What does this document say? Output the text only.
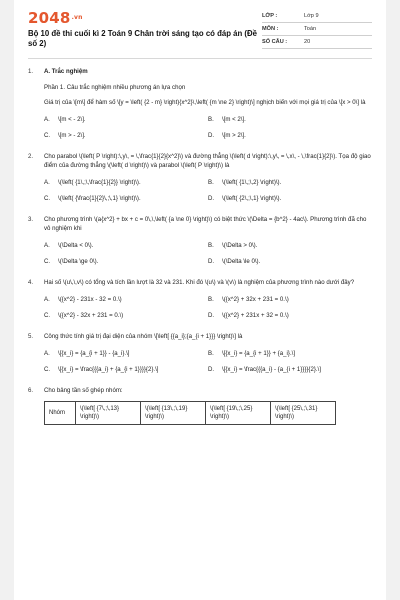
$2048^{.vn}$
Bộ 10 đề thi cuối kì 2 Toán 9 Chân trời sáng tạo có đáp án (Đề số 2)
LỚP :	Lớp 9
MÔN :	Toán
SỐ CÂU :	20
1.	A. Trắc nghiệm
Phần 1. Câu trắc nghiệm nhiều phương án lựa chọn
Giá trị của \[m\] để hàm số \[y = \left( {2 - m} \right){x^2}\,\left( {m \ne 2} \right)\] nghịch biến với mọi giá trị của \[x > 0\] là
A.	\[m < - 2\].	B.	\[m < 2\].
C.	\[m > - 2\].	D.	\[m > 2\].
2.	Cho parabol \(\left( P \right):\,y\, = \,\frac{1}{2}{x^2}\) và đường thẳng \(\left( d \right):\,y\, = \,x\, - \,\frac{1}{2}\). Tọa độ giao điểm của đường thẳng \(\left( d \right)\) và parabol \(\left( P \right)\) là
A.	\(\left( {1\,;\,\frac{1}{2}} \right)\).	B.	\(\left( {1\,;\,2} \right)\).
C.	\(\left( {\frac{1}{2}\,;\,1} \right)\).	D.	\(\left( {2\,;\,1} \right)\).
3.	Cho phương trình \(a{x^2} + bx + c = 0\,\,\left( {a \ne 0} \right)\) có biệt thức \(\Delta = {b^2} - 4ac\). Phương trình đã cho vô nghiệm khi
A.	\(\Delta < 0\).	B.	\(\Delta > 0\).
C.	\(\Delta \ge 0\).	D.	\(\Delta \le 0\).
4.	Hai số \(u\,\,v\) có tổng và tích lần lượt là 32 và 231. Khi đó \(u\) và \(v\) là nghiệm của phương trình nào dưới đây?
A.	\({x^2} - 231x - 32 = 0.\)	B.	\({x^2} + 32x + 231 = 0.\)
C.	\({x^2} - 32x + 231 = 0.\)	D.	\({x^2} + 231x + 32 = 0.\)
5.	Công thức tính giá trị đại diện của nhóm \[\left[ {{a_i};{a_{i + 1}}} \right)\] là
A.	\[{x_i} = {a_{i + 1}} - {a_i}.\]	B.	\[{x_i} = {a_{i + 1}} + {a_i}.\]
C.	\[{x_i} = \frac{{{a_i} + {a_{i + 1}}}}{2}.\]	D.	\[{x_i} = \frac{{{a_i} - {a_{i + 1}}}}{2}.\]
6.	Cho bảng tần số ghép nhóm:
Nhóm	\(\left[ {7\,;\,13} \right)\)	\(\left[ {13\,;\,19} \right)\)	\(\left[ {19\,;\,25} \right)\)	\(\left[ {25\,;\,31} \right)\)
